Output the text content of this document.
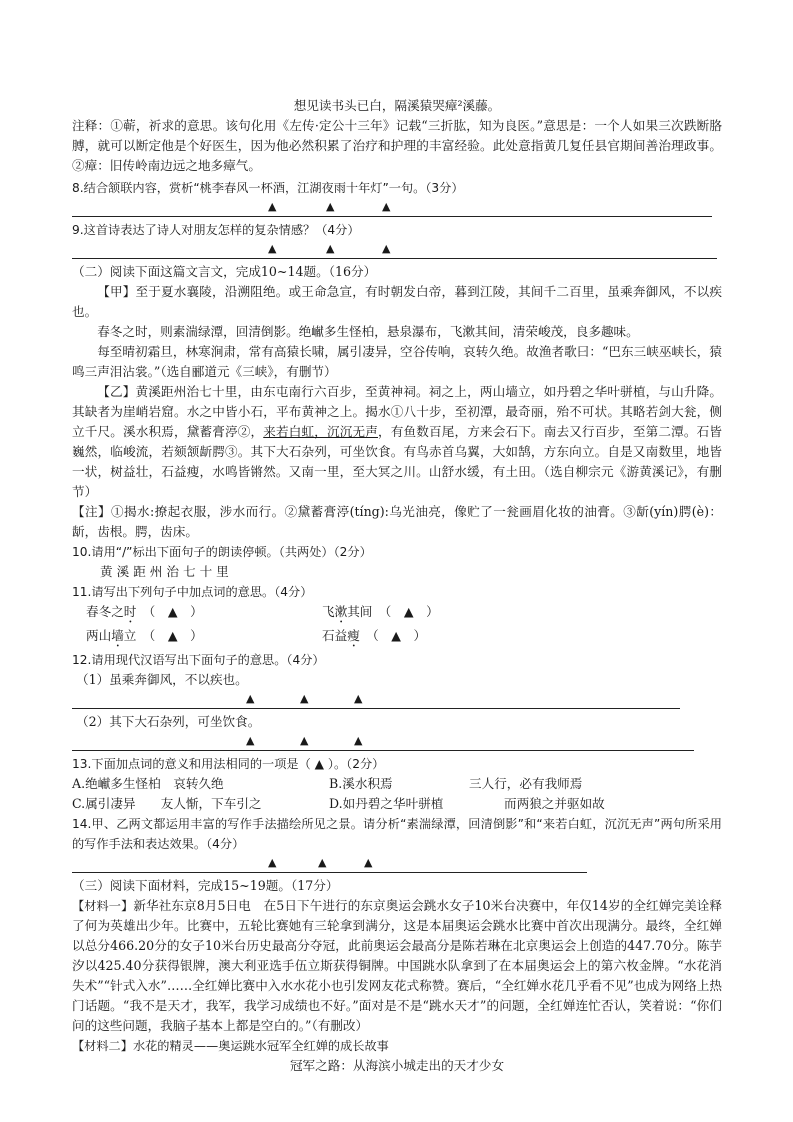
想见读书头已白，隔溪猿哭瘴²溪藤。
注释：①蕲，祈求的意思。该句化用《左传·定公十三年》记载“三折肱，知为良医。”意思是：一个人如果三次跌断胳膊，就可以断定他是个好医生，因为他必然积累了治疗和护理的丰富经验。此处意指黄几复任县官期间善治理政事。②瘴：旧传岭南边远之地多瘴气。
8.结合颔联内容，赏析“桃李春风一杯酒，江湖夜雨十年灯”一句。（3分）
▲	▲	▲
9.这首诗表达了诗人对朋友怎样的复杂情感？（4分）
▲	▲	▲
（二）阅读下面这篇文言文，完成10~14题。（16分）
【甲】至于夏水襄陵，沿溯阻绝。或王命急宣，有时朝发白帝，暮到江陵，其间千二百里，虽乘奔御风，不以疾也。
春冬之时，则素湍绿潭，回清倒影。绝𪩘多生怪柏，悬泉瀑布，飞漱其间，清荣峻茂，良多趣味。
每至晴初霜旦，林寒涧肃，常有高猿长啸，属引凄异，空谷传响，哀转久绝。故渔者歌曰：“巴东三峡巫峡长，猿鸣三声泪沾裳。”（选自郦道元《三峡》，有删节）
【乙】黄溪距州治七十里，由东屯南行六百步，至黄神祠。祠之上，两山墙立，如丹碧之华叶骈植，与山升降。其缺者为崖峭岩窟。水之中皆小石，平布黄神之上。揭水①八十步，至初潭，最奇丽，殆不可状。其略若剑大瓮，侧立千尺。溪水积焉，黛蓄膏渟②，来若白虹，沉沉无声，有鱼数百尾，方来会石下。南去又行百步，至第二潭。石皆巍然，临峻流，若颏颔龂腭③。其下大石杂列，可坐饮食。有鸟赤首乌翼，大如鹄，方东向立。自是又南数里，地皆一状，树益壮，石益瘦，水鸣皆锵然。又南一里，至大冥之川。山舒水缓，有土田。（选自柳宗元《游黄溪记》，有删节）
【注】①揭水:撩起衣服，涉水而行。②黛蓄膏渟(tíng):乌光油亮，像贮了一瓮画眉化妆的油膏。③龂(yín)腭(è)：龂，齿根。腭，齿床。
10.请用“/”标出下面句子的朗读停顿。（共两处）（2分）
黄 溪 距 州 治 七 十 里
11.请写出下列句子中加点词的意思。（4分）
春冬之时　（　▲　）	飞漱其间　（　▲　）
两山墙立　（　▲　）	石益瘦　（　▲　）
12.请用现代汉语写出下面句子的意思。（4分）
（1）虽乘奔御风，不以疾也。
▲	▲	▲
（2）其下大石杂列，可坐饮食。
▲	▲	▲
13.下面加点词的意义和用法相同的一项是（ ▲ ）。（2分）
A.绝𪩘多生怪柏　哀转久绝	B.溪水积焉	三人行，必有我师焉
C.属引凄异　　友人惭，下车引之	D.如丹碧之华叶骈植	而两狼之并驱如故
14.甲、乙两文都运用丰富的写作手法描绘所见之景。请分析“素湍绿潭，回清倒影”和“来若白虹，沉沉无声”两句所采用的写作手法和表达效果。（4分）
▲	▲	▲
（三）阅读下面材料，完成15~19题。（17分）
【材料一】新华社东京8月5日电　在5日下午进行的东京奥运会跳水女子10米台决赛中，年仅14岁的全红婵完美诠释了何为英雄出少年。比赛中，五轮比赛她有三轮拿到满分，这是本届奥运会跳水比赛中首次出现满分。最终，全红婵以总分466.20分的女子10米台历史最高分夺冠，此前奥运会最高分是陈若琳在北京奥运会上创造的447.70分。陈芋汐以425.40分获得银牌，澳大利亚选手伍立斯获得铜牌。中国跳水队拿到了在本届奥运会上的第六枚金牌。“水花消失术”“针式入水”……全红婵比赛中入水水花小也引发网友花式称赞。赛后，“全红婵水花几乎看不见”也成为网络上热门话题。“我不是天才，我军，我学习成绩也不好。”面对是不是“跳水天才”的问题，全红婵连忙否认，笑着说：“你们问的这些问题，我脑子基本上都是空白的。”（有删改）
【材料二】水花的精灵——奥运跳水冠军全红婵的成长故事
冠军之路：从海滨小城走出的天才少女
